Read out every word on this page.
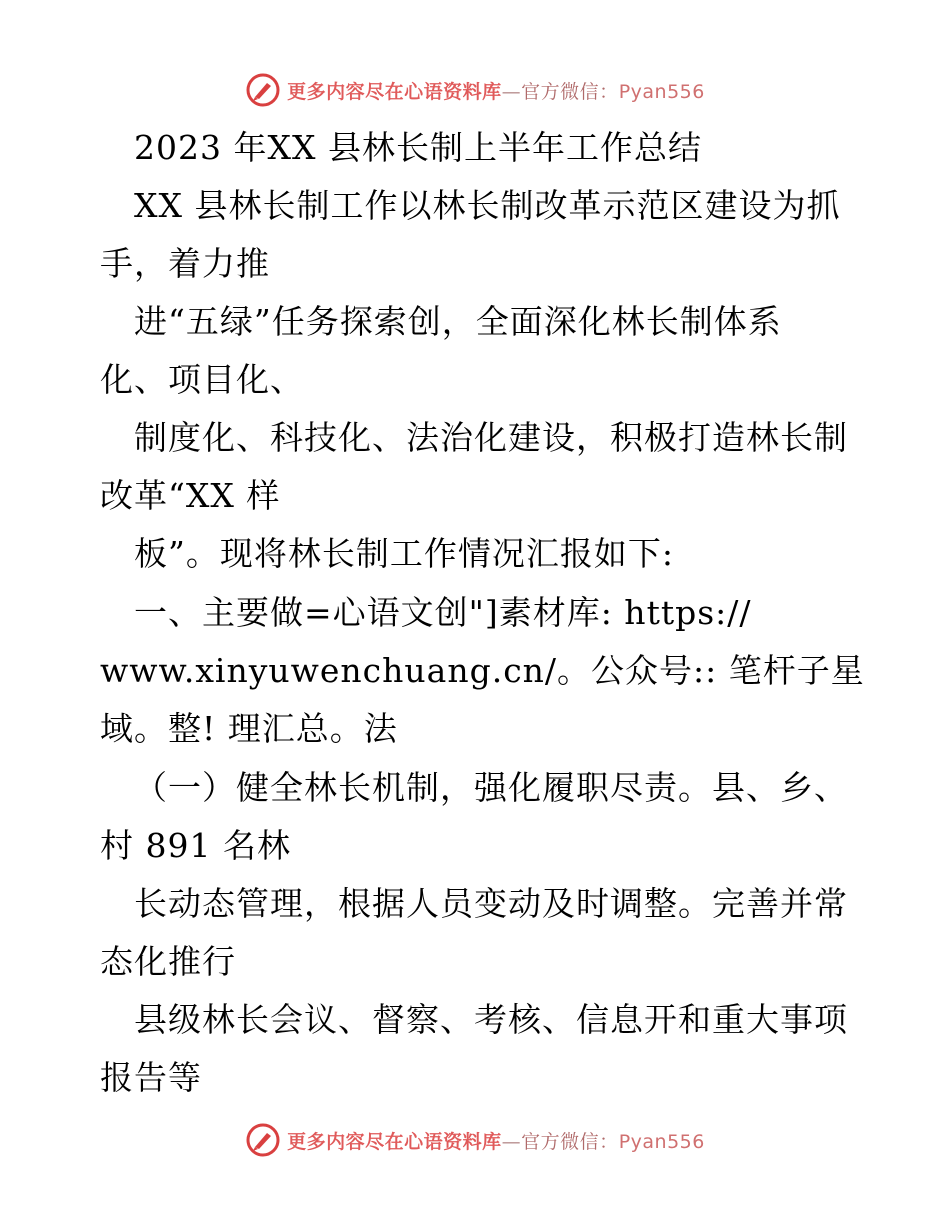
更多内容尽在心语资料库—官方微信：Pyan556
2023 年XX 县林长制上半年工作总结
XX 县林长制工作以林长制改革示范区建设为抓
手，着力推
进“五绿”任务探索创，全面深化林长制体系
化、项目化、
制度化、科技化、法治化建设，积极打造林长制
改革“XX 样
板”。现将林长制工作情况汇报如下:
一、主要做=心语文创"]素材库: https://
www.xinyuwenchuang.cn/。公众号:: 笔杆子星
域。整! 理汇总。法
（一）健全林长机制，强化履职尽责。县、乡、
村 891 名林
长动态管理，根据人员变动及时调整。完善并常
态化推行
县级林长会议、督察、考核、信息开和重大事项
报告等
更多内容尽在心语资料库—官方微信：Pyan556
